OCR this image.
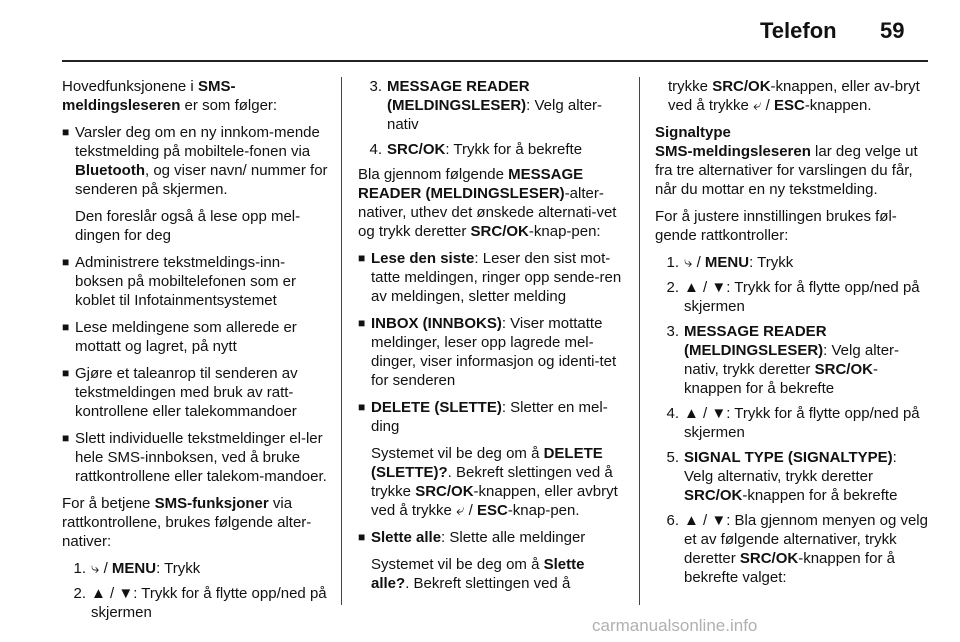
Telefon 59

Hovedfunksjonene i SMS-meldingsleseren er som følger:

■ Varsler deg om en ny innkom-mende tekstmelding på mobiltele-fonen via Bluetooth, og viser navn/ nummer for senderen på skjermen.

Den foreslår også å lese opp mel-dingen for deg

■ Administrere tekstmeldings-inn-boksen på mobiltelefonen som er koblet til Infotainmentsystemet
■ Lese meldingene som allerede er mottatt og lagret, på nytt
■ Gjøre et taleanrop til senderen av tekstmeldingen med bruk av ratt-kontrollene eller talekommandoer
■ Slett individuelle tekstmeldinger el-ler hele SMS-innboksen, ved å bruke rattkontrollene eller talekom-mandoer.

For å betjene SMS-funksjoner via rattkontrollene, brukes følgende alter-nativer:

1. ⤷ / MENU: Trykk
2. ▲ / ▼: Trykk for å flytte opp/ned på skjermen
3. MESSAGE READER (MELDINGSLESER): Velg alter-nativ
4. SRC/OK: Trykk for å bekrefte

Bla gjennom følgende MESSAGE READER (MELDINGSLESER)-alter-nativer, uthev det ønskede alternati-vet og trykk deretter SRC/OK-knap-pen:

■ Lese den siste: Leser den sist mot-tatte meldingen, ringer opp sende-ren av meldingen, sletter melding
■ INBOX (INNBOKS): Viser mottatte meldinger, leser opp lagrede mel-dinger, viser informasjon og identi-tet for senderen
■ DELETE (SLETTE): Sletter en mel-ding

Systemet vil be deg om å DELETE (SLETTE)?. Bekreft slettingen ved å trykke SRC/OK-knappen, eller avbryt ved å trykke ⤶ / ESC-knap-pen.

■ Slette alle: Slette alle meldinger

Systemet vil be deg om å Slette alle?. Bekreft slettingen ved å

trykke SRC/OK-knappen, eller av-bryt ved å trykke ⤶ / ESC-knappen.

Signaltype

SMS-meldingsleseren lar deg velge ut fra tre alternativer for varslingen du får, når du mottar en ny tekstmelding.

For å justere innstillingen brukes føl-gende rattkontroller:

1. ⤷ / MENU: Trykk
2. ▲ / ▼: Trykk for å flytte opp/ned på skjermen
3. MESSAGE READER (MELDINGSLESER): Velg alter-nativ, trykk deretter SRC/OK-knappen for å bekrefte
4. ▲ / ▼: Trykk for å flytte opp/ned på skjermen
5. SIGNAL TYPE (SIGNALTYPE): Velg alternativ, trykk deretter SRC/OK-knappen for å bekrefte
6. ▲ / ▼: Bla gjennom menyen og velg et av følgende alternativer, trykk deretter SRC/OK-knappen for å bekrefte valget:
carmanualsonline.info
